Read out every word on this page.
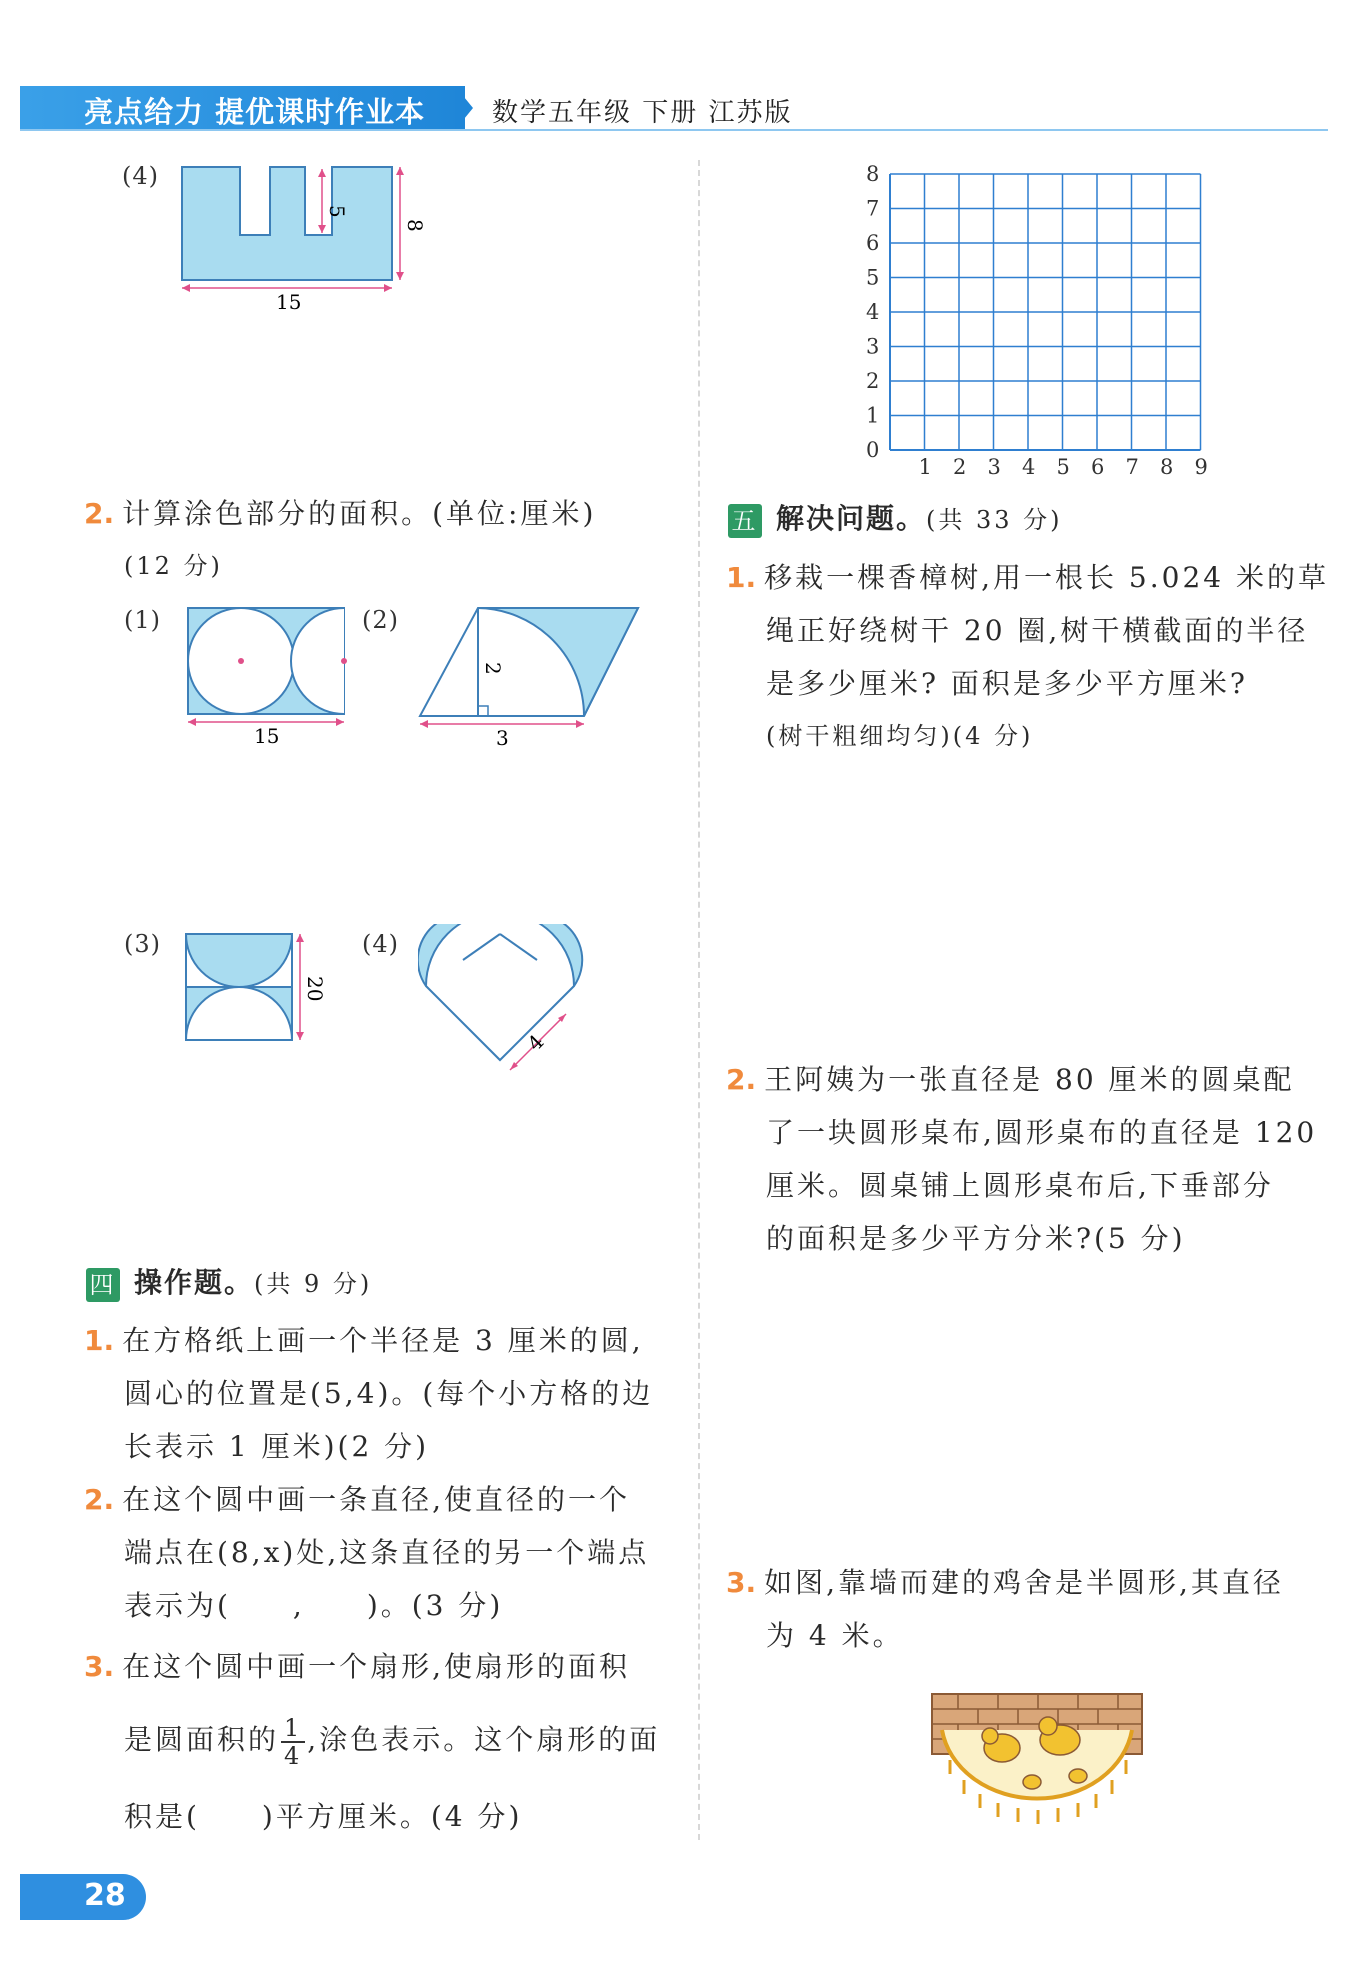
亮点给力 提优课时作业本	数学五年级 下册 江苏版
(4)
5
8
15
2. 计算涂色部分的面积。(单位:厘米)
(12 分)
(1)
15
(2)
2
3
(3)
20
(4)
4
四 操作题。(共 9 分)
1. 在方格纸上画一个半径是 3 厘米的圆,
圆心的位置是(5,4)。(每个小方格的边
长表示 1 厘米)(2 分)
2. 在这个圆中画一条直径,使直径的一个
端点在(8,x)处,这条直径的另一个端点
表示为(　　,　　)。(3 分)
3. 在这个圆中画一个扇形,使扇形的面积
是圆面积的 $\frac{1}{4}$ ,涂色表示。这个扇形的面
积是(　　)平方厘米。(4 分)
8
7
6
5
4
3
2
1
0
1 2 3 4 5 6 7 8 9
五 解决问题。(共 33 分)
1. 移栽一棵香樟树,用一根长 5.024 米的草
绳正好绕树干 20 圈,树干横截面的半径
是多少厘米? 面积是多少平方厘米?
(树干粗细均匀)(4 分)
2. 王阿姨为一张直径是 80 厘米的圆桌配
了一块圆形桌布,圆形桌布的直径是 120
厘米。圆桌铺上圆形桌布后,下垂部分
的面积是多少平方分米?(5 分)
3. 如图,靠墙而建的鸡舍是半圆形,其直径
为 4 米。
28
